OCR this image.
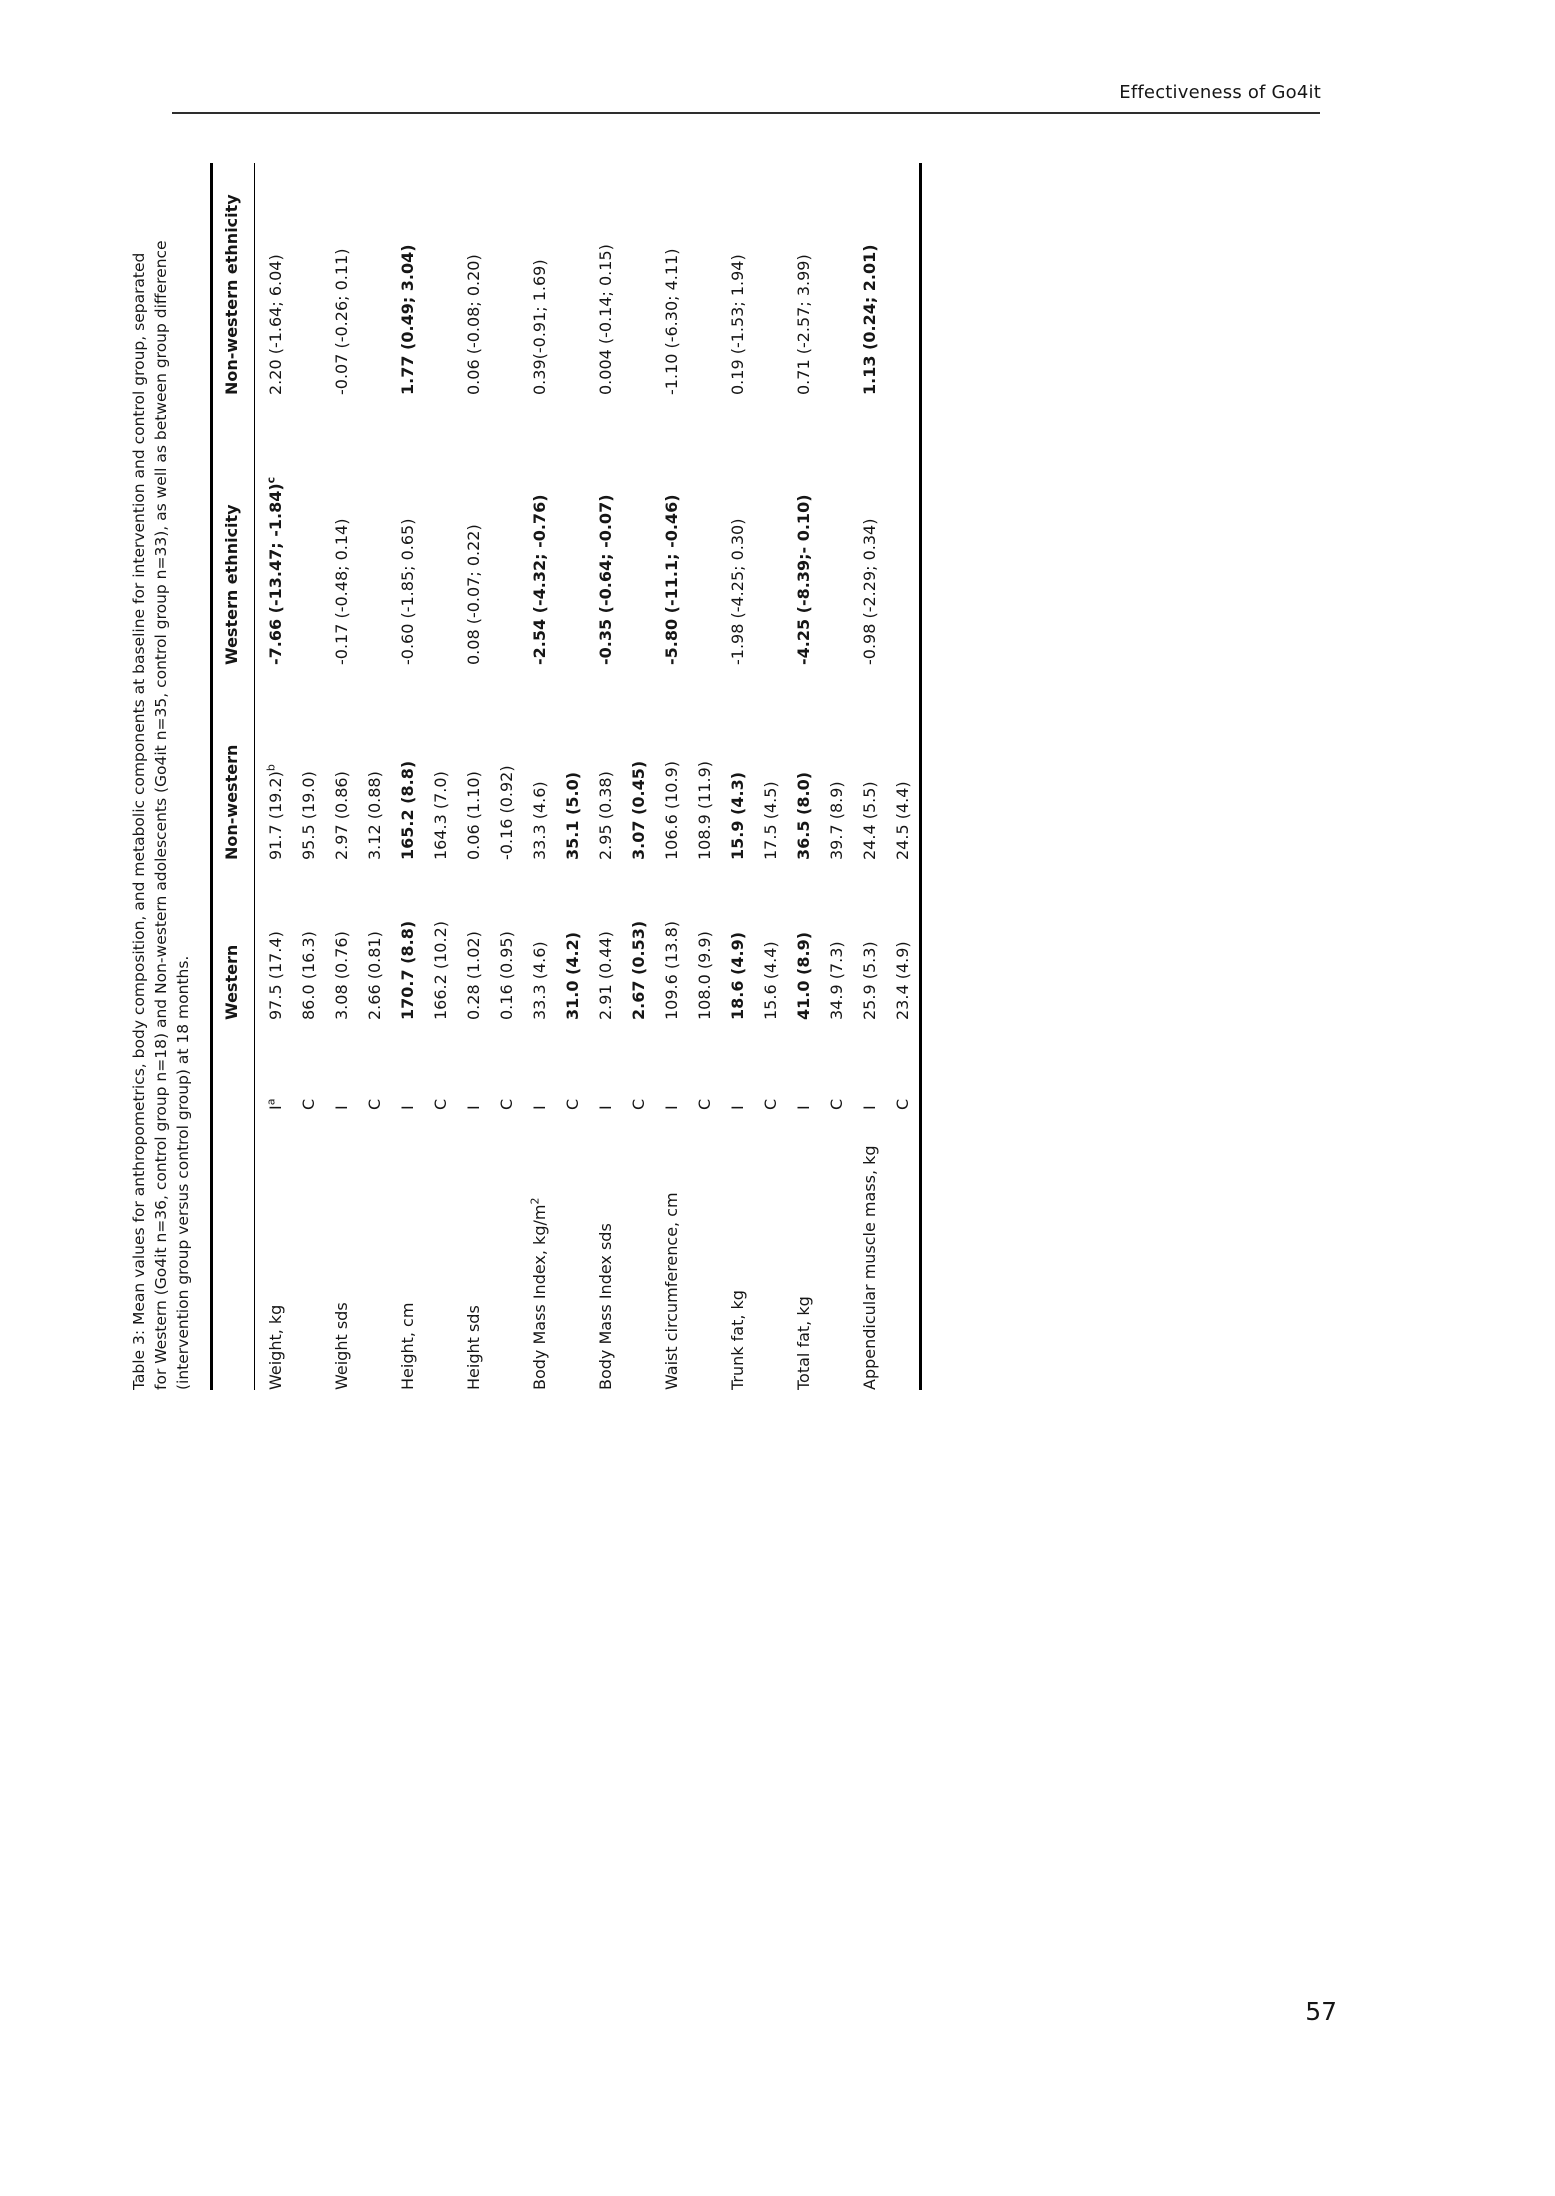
Effectiveness of Go4it
Table 3: Mean values for anthropometrics, body composition, and metabolic components at baseline for intervention and control group, separated for Western (Go4it n=36, control group n=18) and Non-western adolescents (Go4it n=35, control group n=33), as well as between group difference (intervention group versus control group) at 18 months.
		Western	Non-western	Western ethnicity	Non-western ethnicity
Weight, kg	$I^a$	97.5 (17.4)	91.7 $(19.2)^b$	-7.66 (-13.47; -1.84)$^c$	2.20 (-1.64; 6.04)
	C	86.0 (16.3)	95.5 (19.0)		
Weight sds	I	3.08 (0.76)	2.97 (0.86)	-0.17 (-0.48; 0.14)	-0.07 (-0.26; 0.11)
	C	2.66 (0.81)	3.12 (0.88)		
Height, cm	I	170.7 (8.8)	165.2 (8.8)	-0.60 (-1.85; 0.65)	1.77 (0.49; 3.04)
	C	166.2 (10.2)	164.3 (7.0)		
Height sds	I	0.28 (1.02)	0.06 (1.10)	0.08 (-0.07; 0.22)	0.06 (-0.08; 0.20)
	C	0.16 (0.95)	-0.16 (0.92)		
Body Mass Index, $kg/m^2$	I	33.3 (4.6)	33.3 (4.6)	-2.54 (-4.32; -0.76)	0.39(-0.91; 1.69)
	C	31.0 (4.2)	35.1 (5.0)		
Body Mass Index sds	I	2.91 (0.44)	2.95 (0.38)	-0.35 (-0.64; -0.07)	0.004 (-0.14; 0.15)
	C	2.67 (0.53)	3.07 (0.45)		
Waist circumference, cm	I	109.6 (13.8)	106.6 (10.9)	-5.80 (-11.1; -0.46)	-1.10 (-6.30; 4.11)
	C	108.0 (9.9)	108.9 (11.9)		
Trunk fat, kg	I	18.6 (4.9)	15.9 (4.3)	-1.98 (-4.25; 0.30)	0.19 (-1.53; 1.94)
	C	15.6 (4.4)	17.5 (4.5)		
Total fat, kg	I	41.0 (8.9)	36.5 (8.0)	-4.25 (-8.39;- 0.10)	0.71 (-2.57; 3.99)
	C	34.9 (7.3)	39.7 (8.9)		
Appendicular muscle mass, kg	I	25.9 (5.3)	24.4 (5.5)	-0.98 (-2.29; 0.34)	1.13 (0.24; 2.01)
	C	23.4 (4.9)	24.5 (4.4)		
57
